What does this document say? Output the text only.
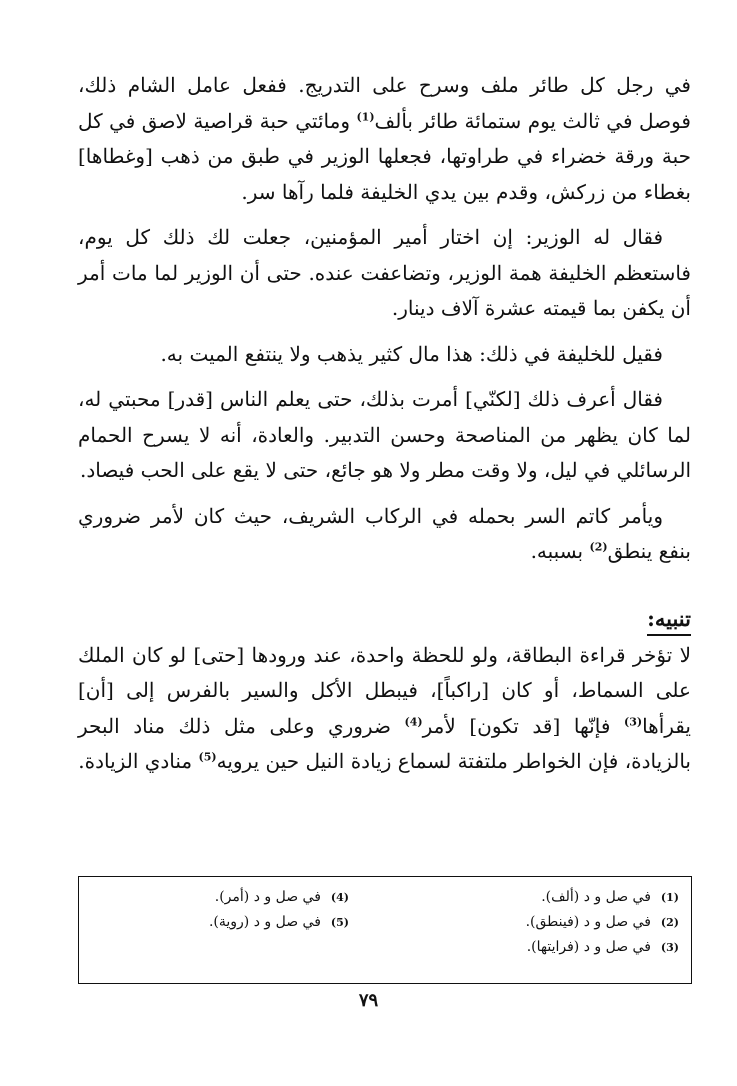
في رجل كل طائر ملف وسرح على التدريج. ففعل عامل الشام ذلك، فوصل في ثالث يوم ستمائة طائر بألف$^{(1)}$ ومائتي حبة قراصية لاصق في كل حبة ورقة خضراء في طراوتها، فجعلها الوزير في طبق من ذهب [وغطاها] بغطاء من زركش، وقدم بين يدي الخليفة فلما رآها سر.

فقال له الوزير: إن اختار أمير المؤمنين، جعلت لك ذلك كل يوم، فاستعظم الخليفة همة الوزير، وتضاعفت عنده. حتى أن الوزير لما مات أمر أن يكفن بما قيمته عشرة آلاف دينار.

فقيل للخليفة في ذلك: هذا مال كثير يذهب ولا ينتفع الميت به.

فقال أعرف ذلك [لكنّي] أمرت بذلك، حتى يعلم الناس [قدر] محبتي له، لما كان يظهر من المناصحة وحسن التدبير. والعادة، أنه لا يسرح الحمام الرسائلي في ليل، ولا وقت مطر ولا هو جائع، حتى لا يقع على الحب فيصاد.

ويأمر كاتم السر بحمله في الركاب الشريف، حيث كان لأمر ضروري بنفع ينطق$^{(2)}$ بسببه.

تنبيه:

لا تؤخر قراءة البطاقة، ولو للحظة واحدة، عند ورودها [حتى] لو كان الملك على السماط، أو كان [راكباً]، فيبطل الأكل والسير بالفرس إلى [أن] يقرأها$^{(3)}$ فإنّها [قد تكون] لأمر$^{(4)}$ ضروري وعلى مثل ذلك مناد البحر بالزيادة، فإن الخواطر ملتفتة لسماع زيادة النيل حين يرويه$^{(5)}$ منادي الزيادة.

(1)في صل و د (ألف).
(2)في صل و د (فينطق).
(3)في صل و د (فرايتها).
(4)في صل و د (أمر).
(5)في صل و د (روية).
٧٩
